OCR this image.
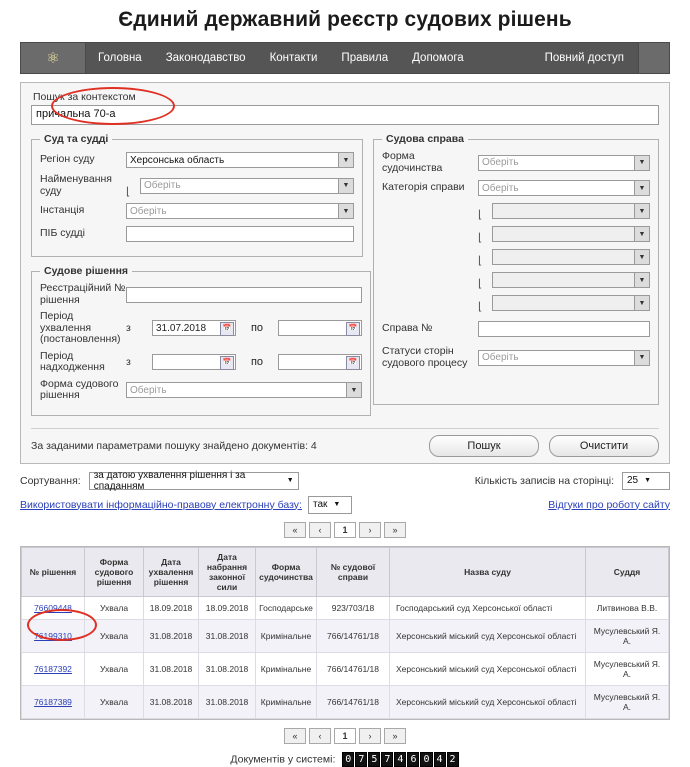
Єдиний державний реєстр судових рішень
⚛	Головна	Законодавство	Контакти	Правила	Допомога	Повний доступ
Пошук за контекстом
причальна 70-а
Суд та судді
Регіон суду	Херсонська область	▼
Найменування суду	⌊
Оберіть	▼
Інстанція	Оберіть	▼
ПІБ судді
Судове рішення
Реєстраційний № рішення
Період ухвалення (постановлення)
з	31.07.2018	📅	по	📅
Період надходження	з	📅	по	📅
Форма судового рішення	Оберіть	▼
Судова справа
Форма судочинства	Оберіть	▼
Категорія справи	Оберіть	▼
⌊	▼
⌊	▼
⌊	▼
⌊	▼
⌊	▼
Справа №
Статуси сторін судового процесу	Оберіть	▼
За заданими параметрами пошуку знайдено документів: 4	Пошук	Очистити
Сортування: за датою ухвалення рішення і за спаданням	▼	Кількість записів на сторінці: 25 ▼
Використовувати інформаційно-правову електронну базу: так ▼	Відгуки про роботу сайту
«	‹	1	›	»
№ рішення	Форма судового рішення	Дата ухвалення рішення	Дата набрання законної сили	Форма судочинства	№ судової справи	Назва суду	Суддя
76609448	Ухвала	18.09.2018	18.09.2018	Господарське	923/703/18	Господарський суд Херсонської області	Литвинова В.В.
76199310	Ухвала	31.08.2018	31.08.2018	Кримінальне	766/14761/18	Херсонський міський суд Херсонської області	Мусулевський Я. А.
76187392	Ухвала	31.08.2018	31.08.2018	Кримінальне	766/14761/18	Херсонський міський суд Херсонської області	Мусулевський Я. А.
76187389	Ухвала	31.08.2018	31.08.2018	Кримінальне	766/14761/18	Херсонський міський суд Херсонської області	Мусулевський Я. А.
«	‹	1	›	»
Документів у системі: 0 7 5 7 4 6 0 4 2
